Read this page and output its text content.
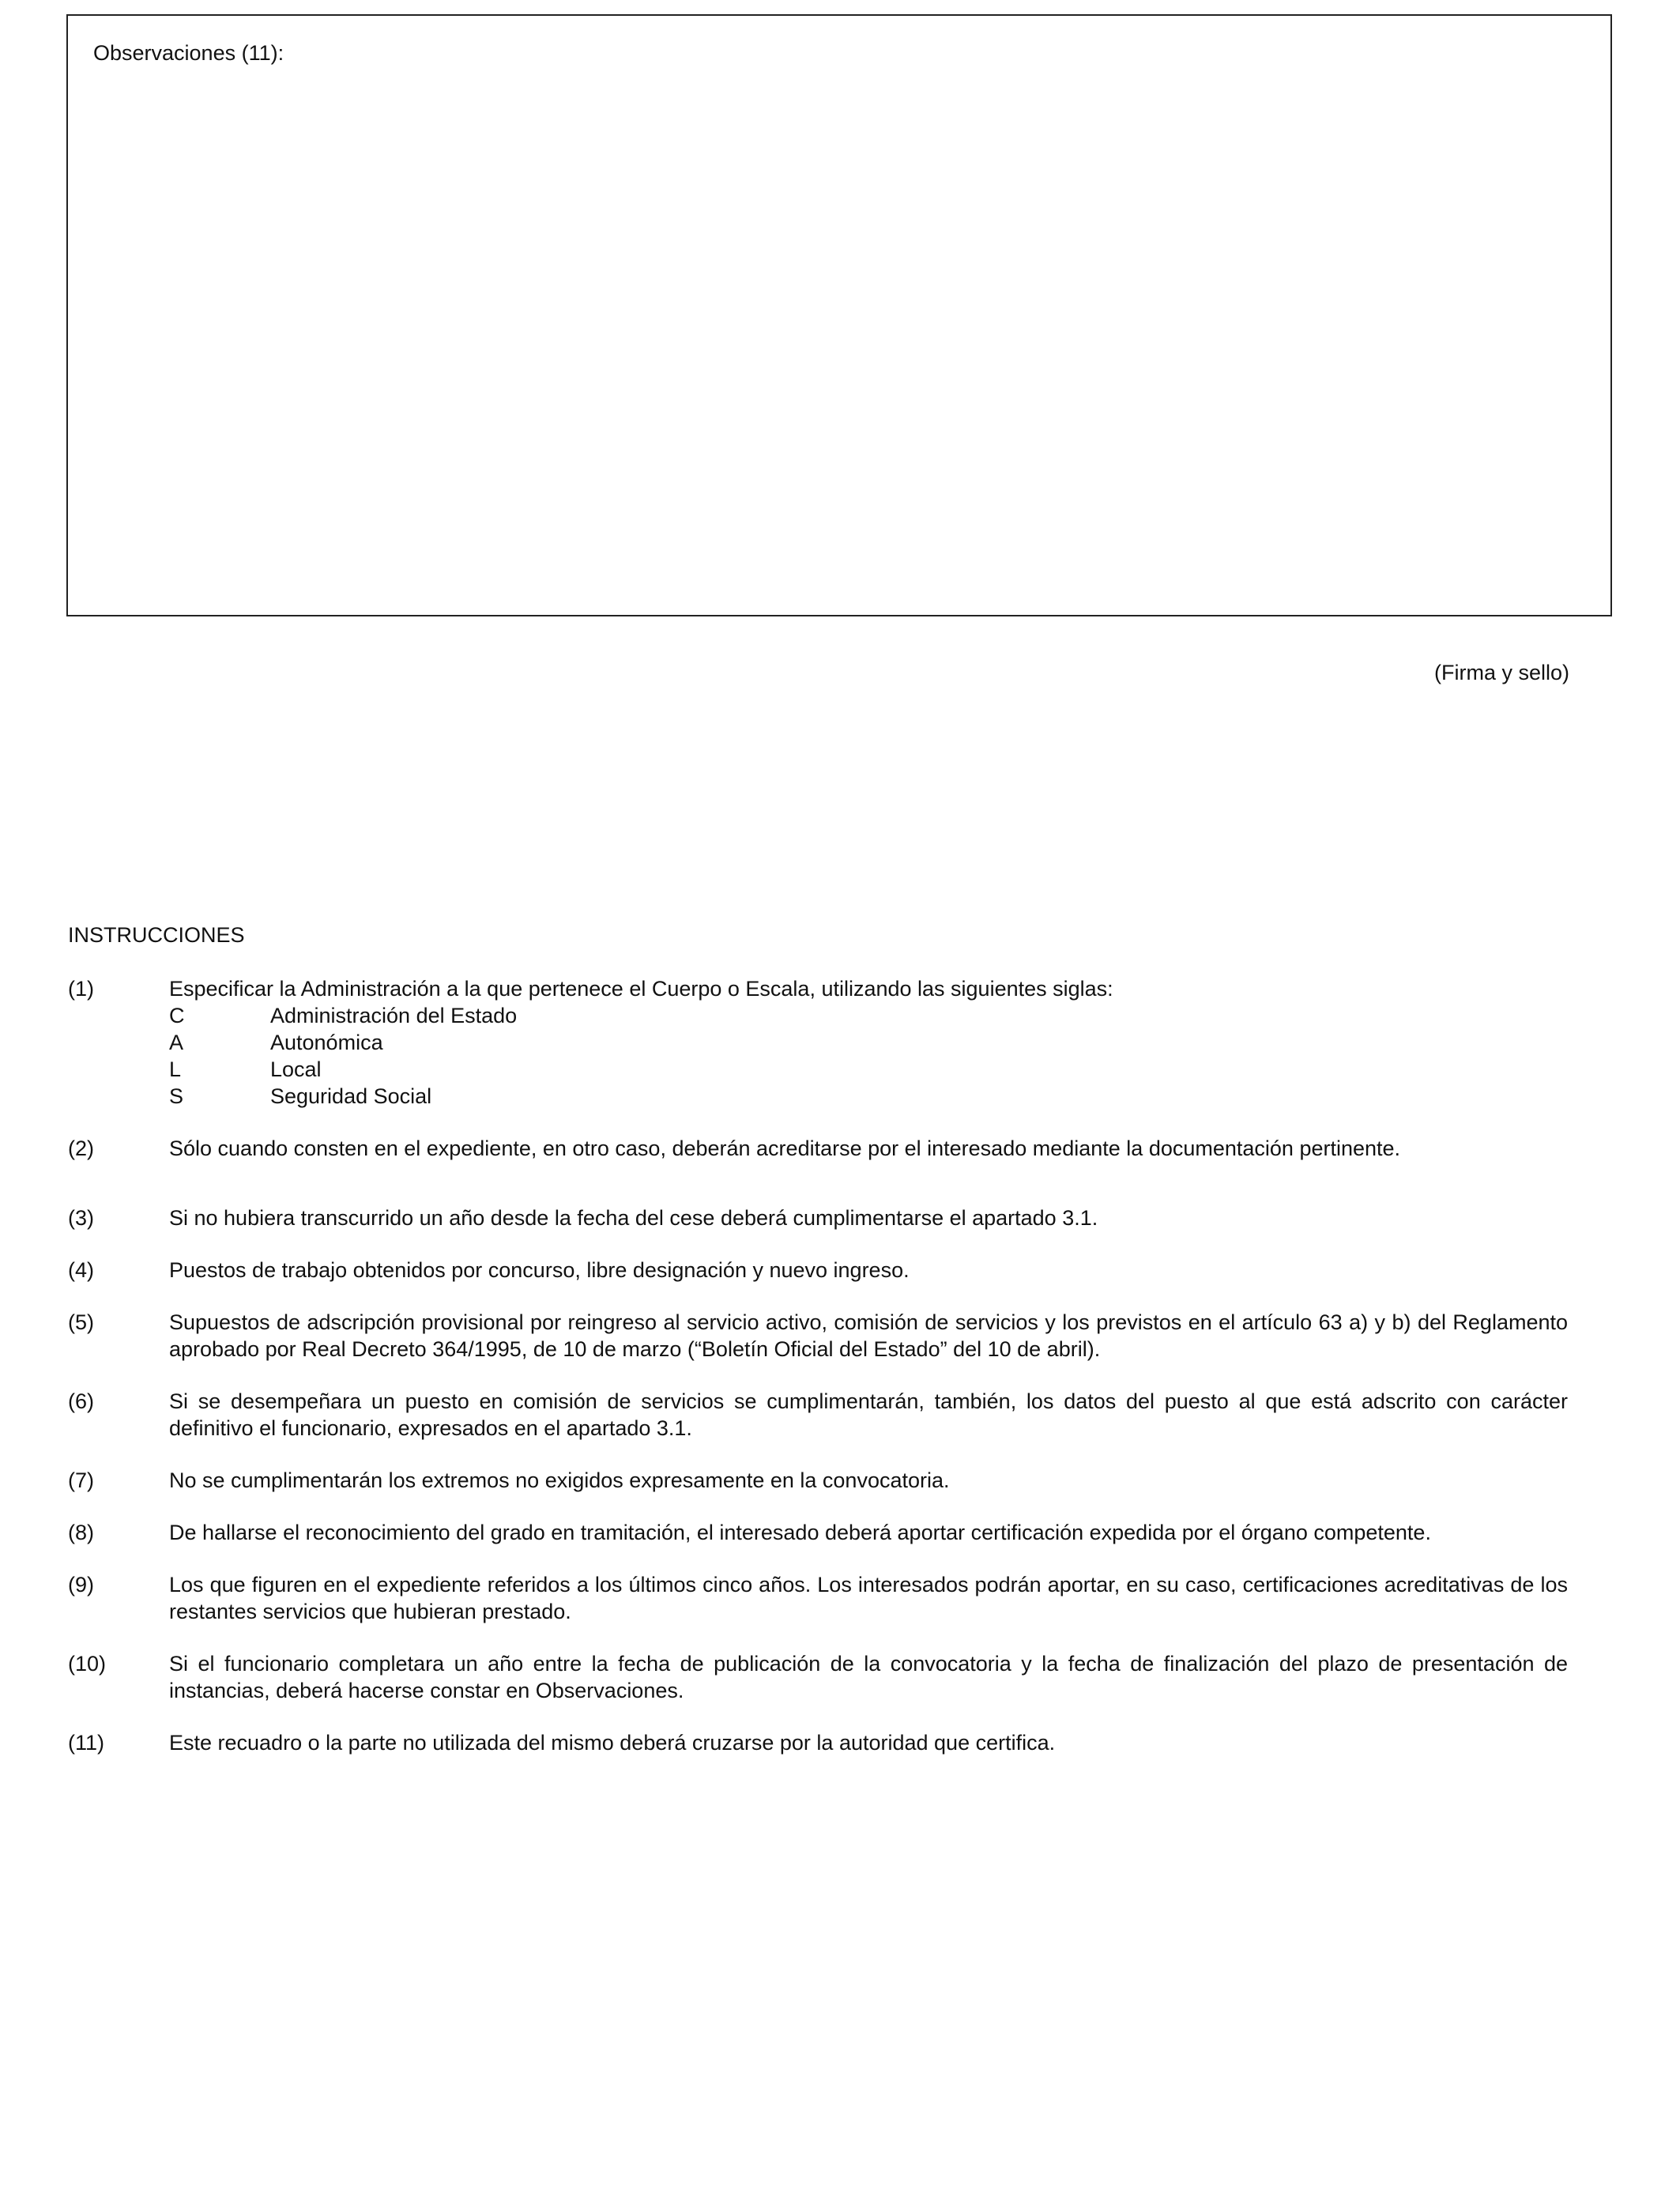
Observaciones (11):
(Firma y sello)
INSTRUCCIONES
(1)	Especificar la Administración a la que pertenece el Cuerpo o Escala, utilizando las siguientes siglas:
C	Administración del Estado
A	Autonómica
L	Local
S	Seguridad Social
(2)	Sólo cuando consten en el expediente, en otro caso, deberán acreditarse por el interesado mediante la documentación pertinente.
(3)	Si no hubiera transcurrido un año desde la fecha del cese deberá cumplimentarse el apartado 3.1.
(4)	Puestos de trabajo obtenidos por concurso, libre designación y nuevo ingreso.
(5)	Supuestos de adscripción provisional por reingreso al servicio activo, comisión de servicios y los previstos en el artículo 63 a) y b) del Reglamento aprobado por Real Decreto 364/1995, de 10 de marzo (“Boletín Oficial del Estado” del 10 de abril).
(6)	Si se desempeñara un puesto en comisión de servicios se cumplimentarán, también, los datos del puesto al que está adscrito con carácter definitivo el funcionario, expresados en el apartado 3.1.
(7)	No se cumplimentarán los extremos no exigidos expresamente en la convocatoria.
(8)	De hallarse el reconocimiento del grado en tramitación, el interesado deberá aportar certificación expedida por el órgano competente.
(9)	Los que figuren en el expediente referidos a los últimos cinco años. Los interesados podrán aportar, en su caso, certificaciones acreditativas de los restantes servicios que hubieran prestado.
(10)	Si el funcionario completara un año entre la fecha de publicación de la convocatoria y la fecha de finalización del plazo de presentación de instancias, deberá hacerse constar en Observaciones.
(11)	Este recuadro o la parte no utilizada del mismo deberá cruzarse por la autoridad que certifica.
